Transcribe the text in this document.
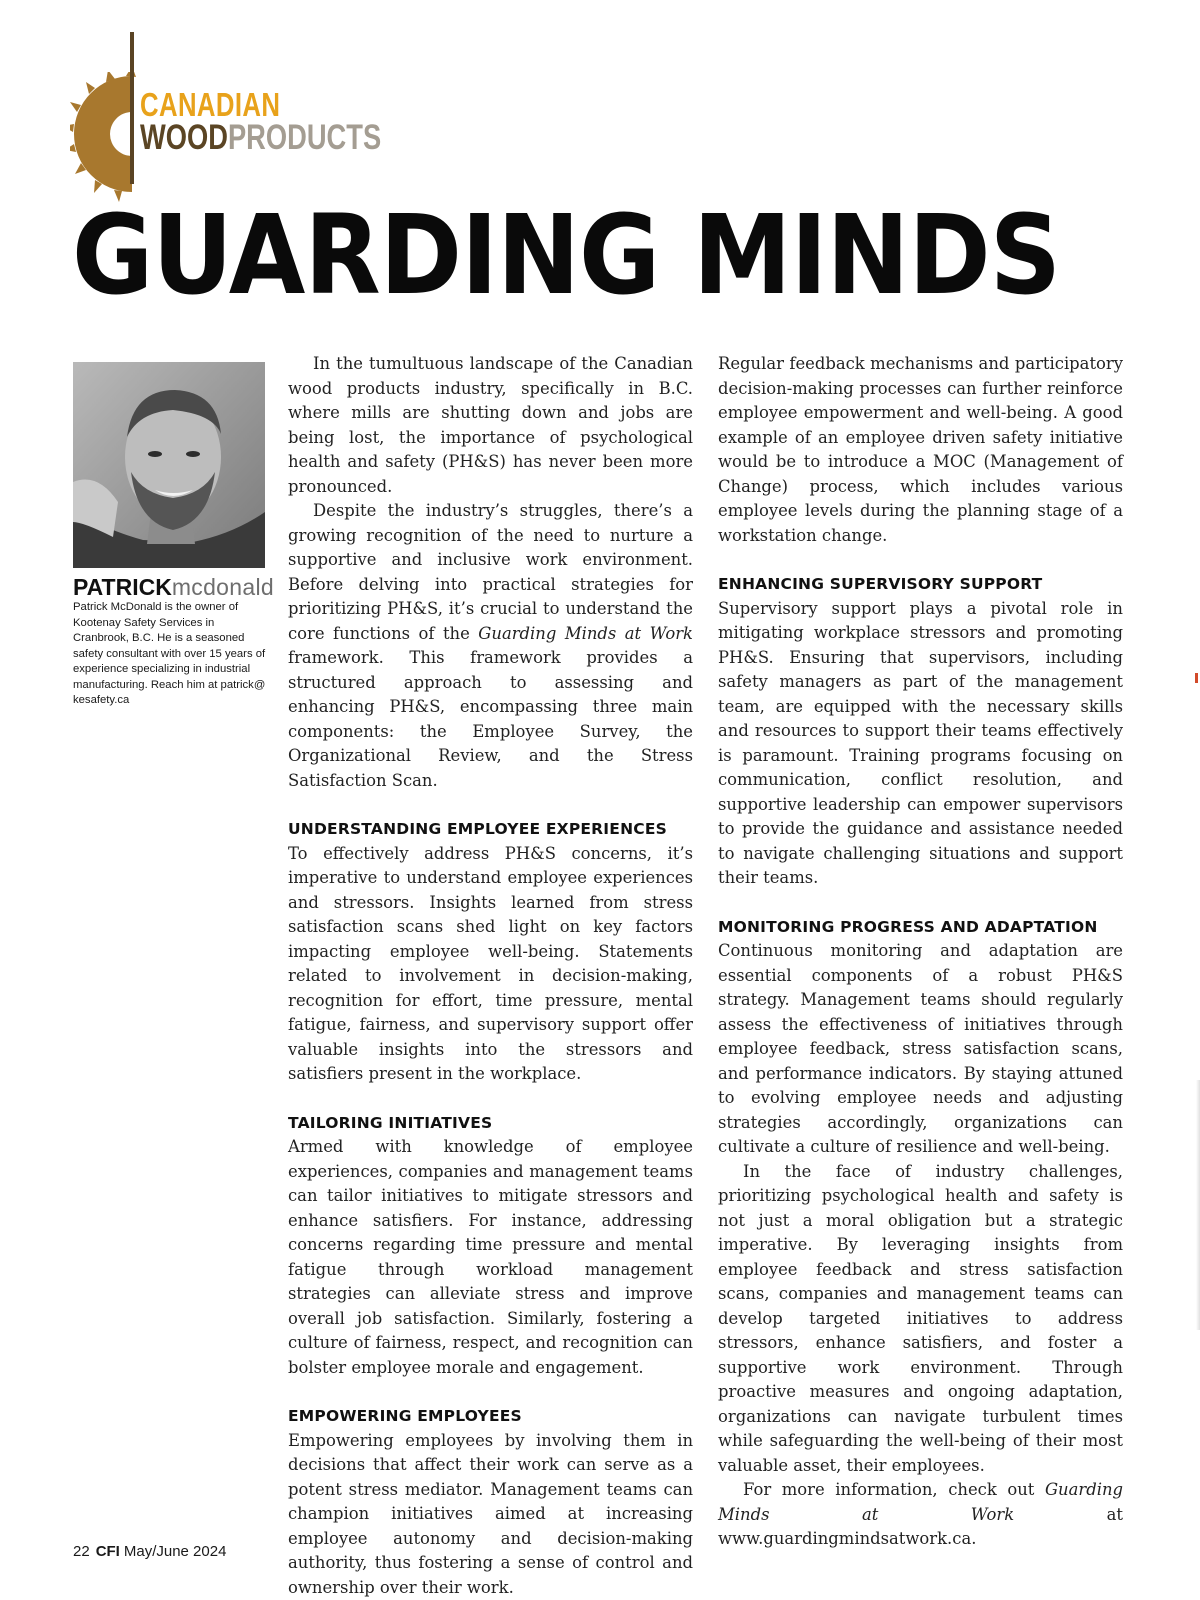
CANADIAN
WOODPRODUCTS
GUARDING MINDS
PATRICKmcdonald

Patrick McDonald is the owner of Kootenay Safety Services in Cranbrook, B.C. He is a seasoned safety consultant with over 15 years of experience specializing in industrial manufacturing. Reach him at patrick@ kesafety.ca

In the tumultuous landscape of the Canadian wood products industry, specifically in B.C. where mills are shutting down and jobs are being lost, the importance of psychological health and safety (PH&S) has never been more pronounced.

Despite the industry’s struggles, there’s a growing recognition of the need to nurture a supportive and inclusive work environment. Before delving into practical strategies for prioritizing PH&S, it’s crucial to understand the core functions of the Guarding Minds at Work framework. This framework provides a structured approach to assessing and enhancing PH&S, encompassing three main components: the Employee Survey, the Organizational Review, and the Stress Satisfaction Scan.

UNDERSTANDING EMPLOYEE EXPERIENCES

To effectively address PH&S concerns, it’s imperative to understand employee experiences and stressors. Insights learned from stress satisfaction scans shed light on key factors impacting employee well-being. Statements related to involvement in decision-making, recognition for effort, time pressure, mental fatigue, fairness, and supervisory support offer valuable insights into the stressors and satisfiers present in the workplace.

TAILORING INITIATIVES

Armed with knowledge of employee experiences, companies and management teams can tailor initiatives to mitigate stressors and enhance satisfiers. For instance, addressing concerns regarding time pressure and mental fatigue through workload management strategies can alleviate stress and improve overall job satisfaction. Similarly, fostering a culture of fairness, respect, and recognition can bolster employee morale and engagement.

EMPOWERING EMPLOYEES

Empowering employees by involving them in decisions that affect their work can serve as a potent stress mediator. Management teams can champion initiatives aimed at increasing employee autonomy and decision-making authority, thus fostering a sense of control and ownership over their work.

Regular feedback mechanisms and participatory decision-making processes can further reinforce employee empowerment and well-being. A good example of an employee driven safety initiative would be to introduce a MOC (Management of Change) process, which includes various employee levels during the planning stage of a workstation change.

ENHANCING SUPERVISORY SUPPORT

Supervisory support plays a pivotal role in mitigating workplace stressors and promoting PH&S. Ensuring that supervisors, including safety managers as part of the management team, are equipped with the necessary skills and resources to support their teams effectively is paramount. Training programs focusing on communication, conflict resolution, and supportive leadership can empower supervisors to provide the guidance and assistance needed to navigate challenging situations and support their teams.

MONITORING PROGRESS AND ADAPTATION

Continuous monitoring and adaptation are essential components of a robust PH&S strategy. Management teams should regularly assess the effectiveness of initiatives through employee feedback, stress satisfaction scans, and performance indicators. By staying attuned to evolving employee needs and adjusting strategies accordingly, organizations can cultivate a culture of resilience and well-being.

In the face of industry challenges, prioritizing psychological health and safety is not just a moral obligation but a strategic imperative. By leveraging insights from employee feedback and stress satisfaction scans, companies and management teams can develop targeted initiatives to address stressors, enhance satisfiers, and foster a supportive work environment. Through proactive measures and ongoing adaptation, organizations can navigate turbulent times while safeguarding the well-being of their most valuable asset, their employees.

For more information, check out Guarding Minds at Work at www.guardingmindsatwork.ca.

22 CFI May/June 2024
